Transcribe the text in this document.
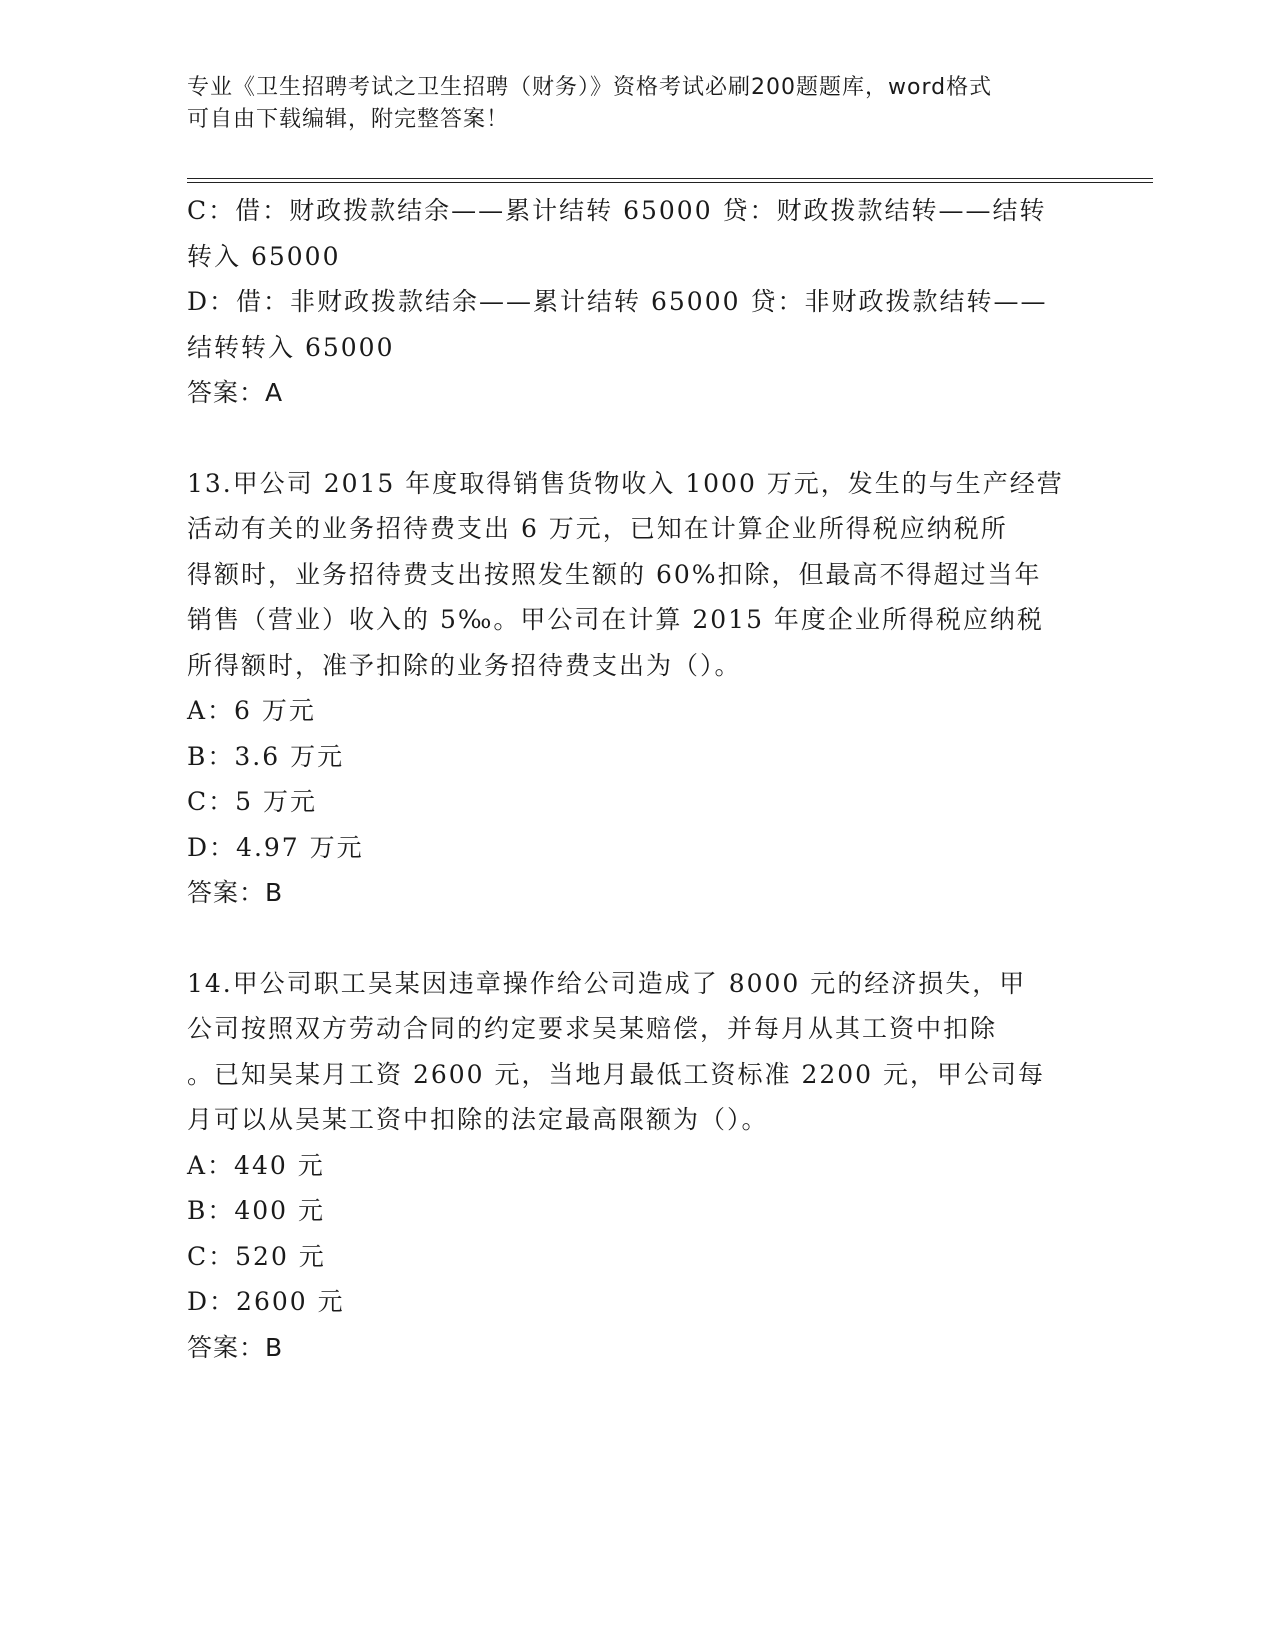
专业《卫生招聘考试之卫生招聘（财务）》资格考试必刷200题题库，word格式
可自由下载编辑，附完整答案！
C：借：财政拨款结余——累计结转 65000 贷：财政拨款结转——结转
转入 65000
D：借：非财政拨款结余——累计结转 65000 贷：非财政拨款结转——
结转转入 65000
答案：A
13.甲公司 2015 年度取得销售货物收入 1000 万元，发生的与生产经营
活动有关的业务招待费支出 6 万元，已知在计算企业所得税应纳税所
得额时，业务招待费支出按照发生额的 60%扣除，但最高不得超过当年
销售（营业）收入的 5‰。甲公司在计算 2015 年度企业所得税应纳税
所得额时，准予扣除的业务招待费支出为（）。
A：6 万元
B：3.6 万元
C：5 万元
D：4.97 万元
答案：B
14.甲公司职工吴某因违章操作给公司造成了 8000 元的经济损失，甲
公司按照双方劳动合同的约定要求吴某赔偿，并每月从其工资中扣除
。已知吴某月工资 2600 元，当地月最低工资标准 2200 元，甲公司每
月可以从吴某工资中扣除的法定最高限额为（）。
A：440 元
B：400 元
C：520 元
D：2600 元
答案：B
